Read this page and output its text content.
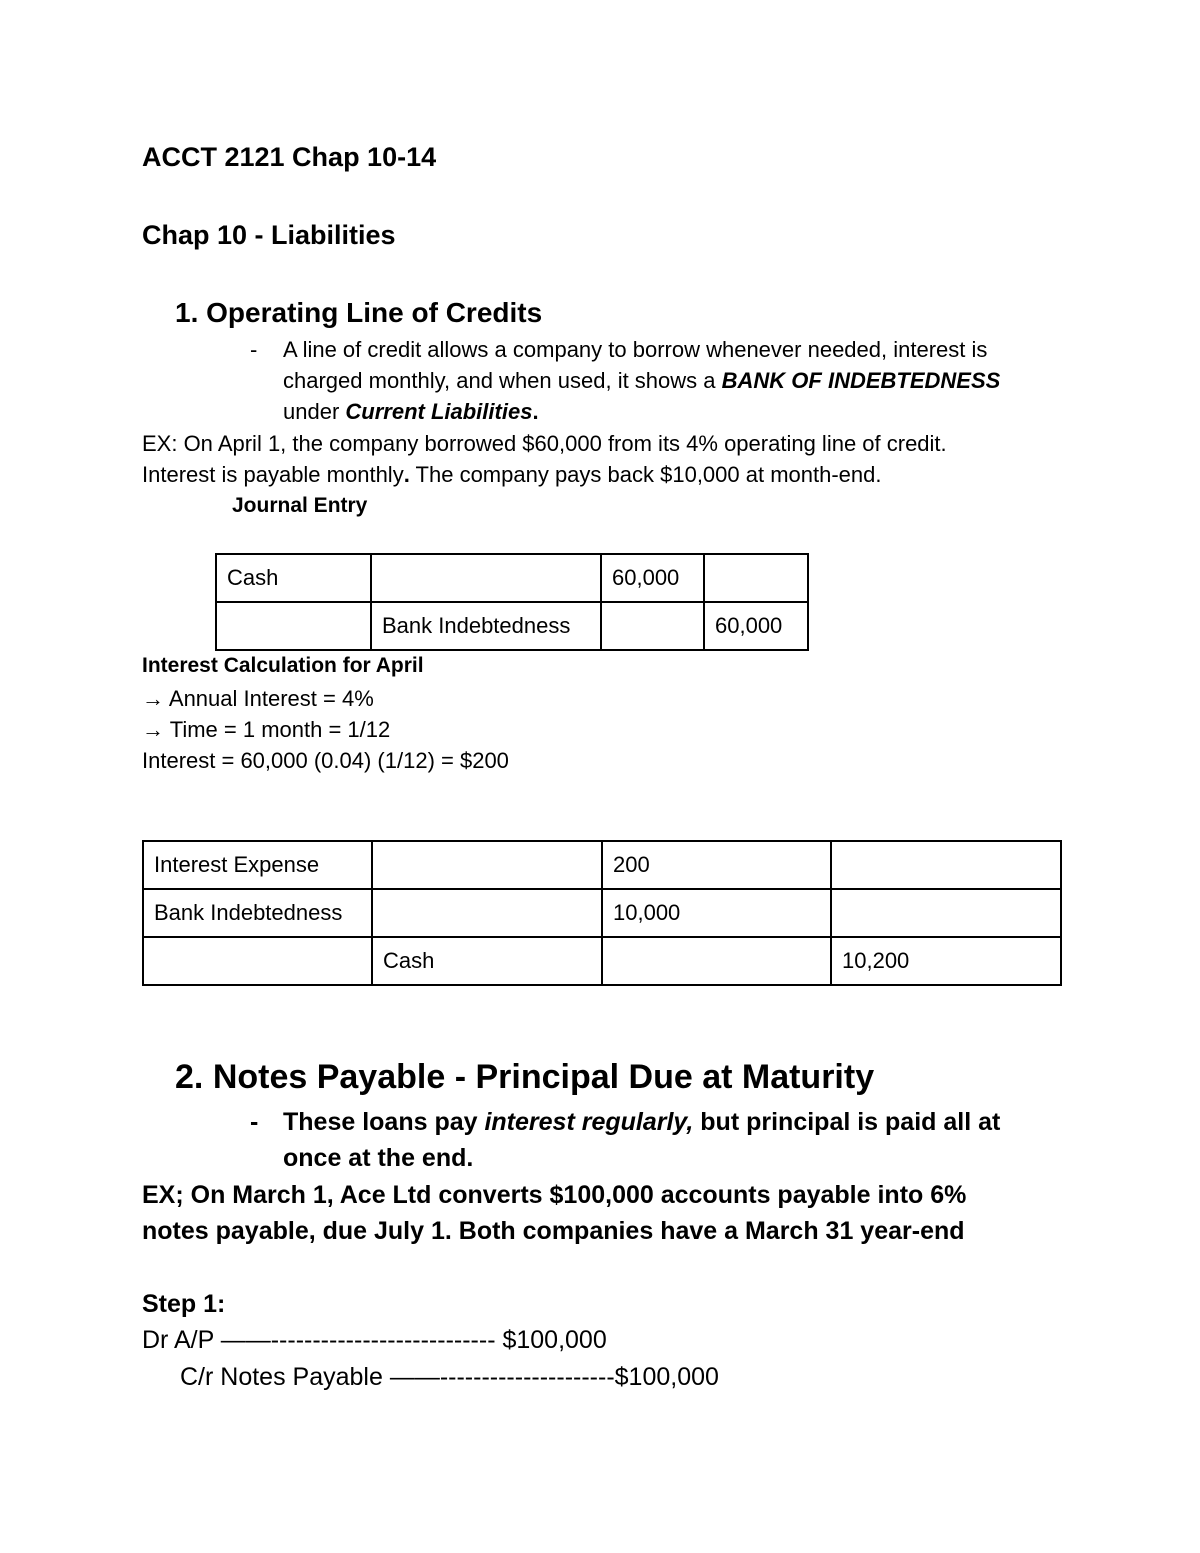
ACCT 2121 Chap 10-14
Chap 10 - Liabilities
1. Operating Line of Credits
- A line of credit allows a company to borrow whenever needed, interest is
charged monthly, and when used, it shows a BANK OF INDEBTEDNESS
under Current Liabilities.
EX: On April 1, the company borrowed $60,000 from its 4% operating line of credit.
Interest is payable monthly. The company pays back $10,000 at month-end.
Journal Entry
Cash		60,000	
	Bank Indebtedness		60,000
Interest Calculation for April
→ Annual Interest = 4%
→ Time = 1 month = 1/12
Interest = 60,000 (0.04) (1/12) = $200
Interest Expense		200	
Bank Indebtedness		10,000	
	Cash		10,200
2. Notes Payable - Principal Due at Maturity
- These loans pay interest regularly, but principal is paid all at
once at the end.
EX; On March 1, Ace Ltd converts $100,000 accounts payable into 6%
notes payable, due July 1. Both companies have a March 31 year-end
Step 1:
Dr A/P ——--------------------------- $100,000
C/r Notes Payable ——---------------------$100,000
